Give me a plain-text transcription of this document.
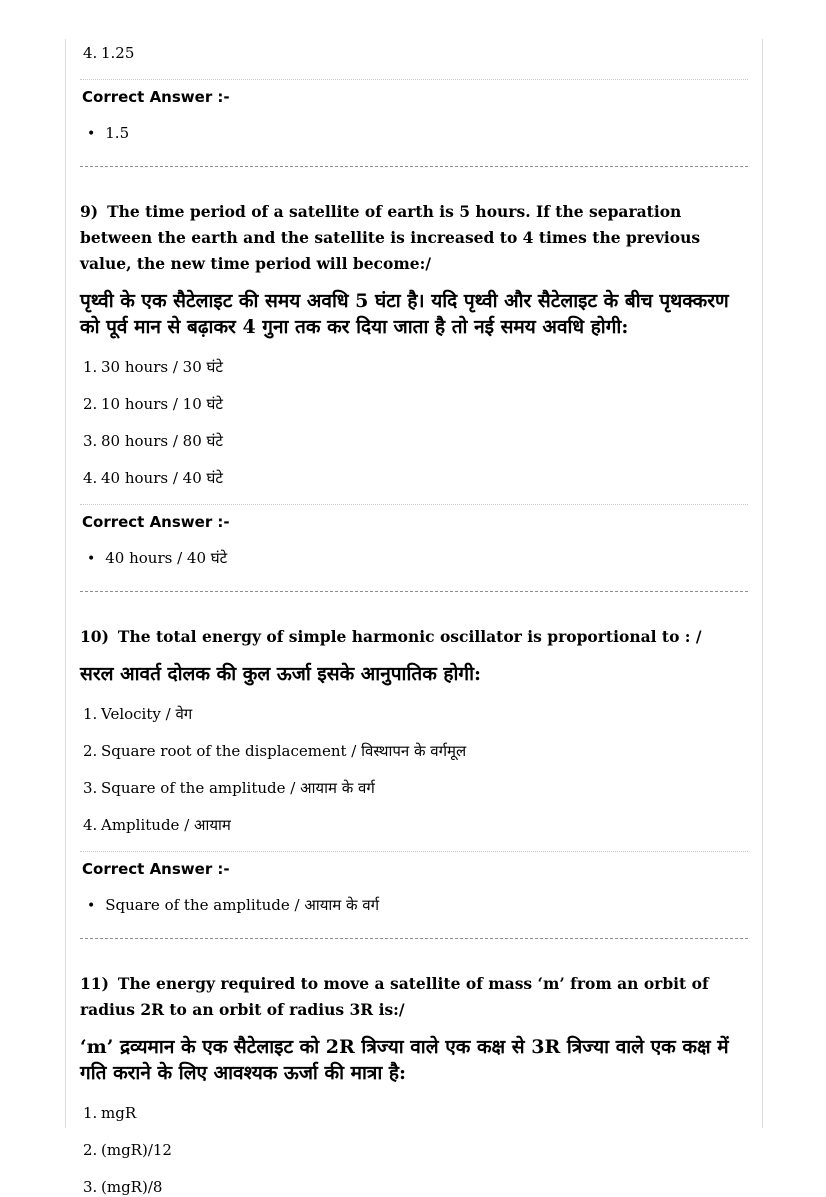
4. 1.25
Correct Answer :-
•
1.5

9) The time period of a satellite of earth is 5 hours. If the separation between the earth and the satellite is increased to 4 times the previous value, the new time period will become:/

पृथ्वी के एक सैटेलाइट की समय अवधि 5 घंटा है। यदि पृथ्वी और सैटेलाइट के बीच पृथक्करण को पूर्व मान से बढ़ाकर 4 गुना तक कर दिया जाता है तो नई समय अवधि होगी:

1. 30 hours / 30 घंटे
2. 10 hours / 10 घंटे
3. 80 hours / 80 घंटे
4. 40 hours / 40 घंटे
Correct Answer :-
•
40 hours / 40 घंटे

10) The total energy of simple harmonic oscillator is proportional to : /

सरल आवर्त दोलक की कुल ऊर्जा इसके आनुपातिक होगी:

1. Velocity / वेग
2. Square root of the displacement / विस्थापन के वर्गमूल
3. Square of the amplitude / आयाम के वर्ग
4. Amplitude / आयाम
Correct Answer :-
•
Square of the amplitude / आयाम के वर्ग

11) The energy required to move a satellite of mass ‘m’ from an orbit of radius 2R to an orbit of radius 3R is:/

‘m’ द्रव्यमान के एक सैटेलाइट को 2R त्रिज्या वाले एक कक्ष से 3R त्रिज्या वाले एक कक्ष में गति कराने के लिए आवश्यक ऊर्जा की मात्रा है:

1. mgR
2. (mgR)/12
3. (mgR)/8
